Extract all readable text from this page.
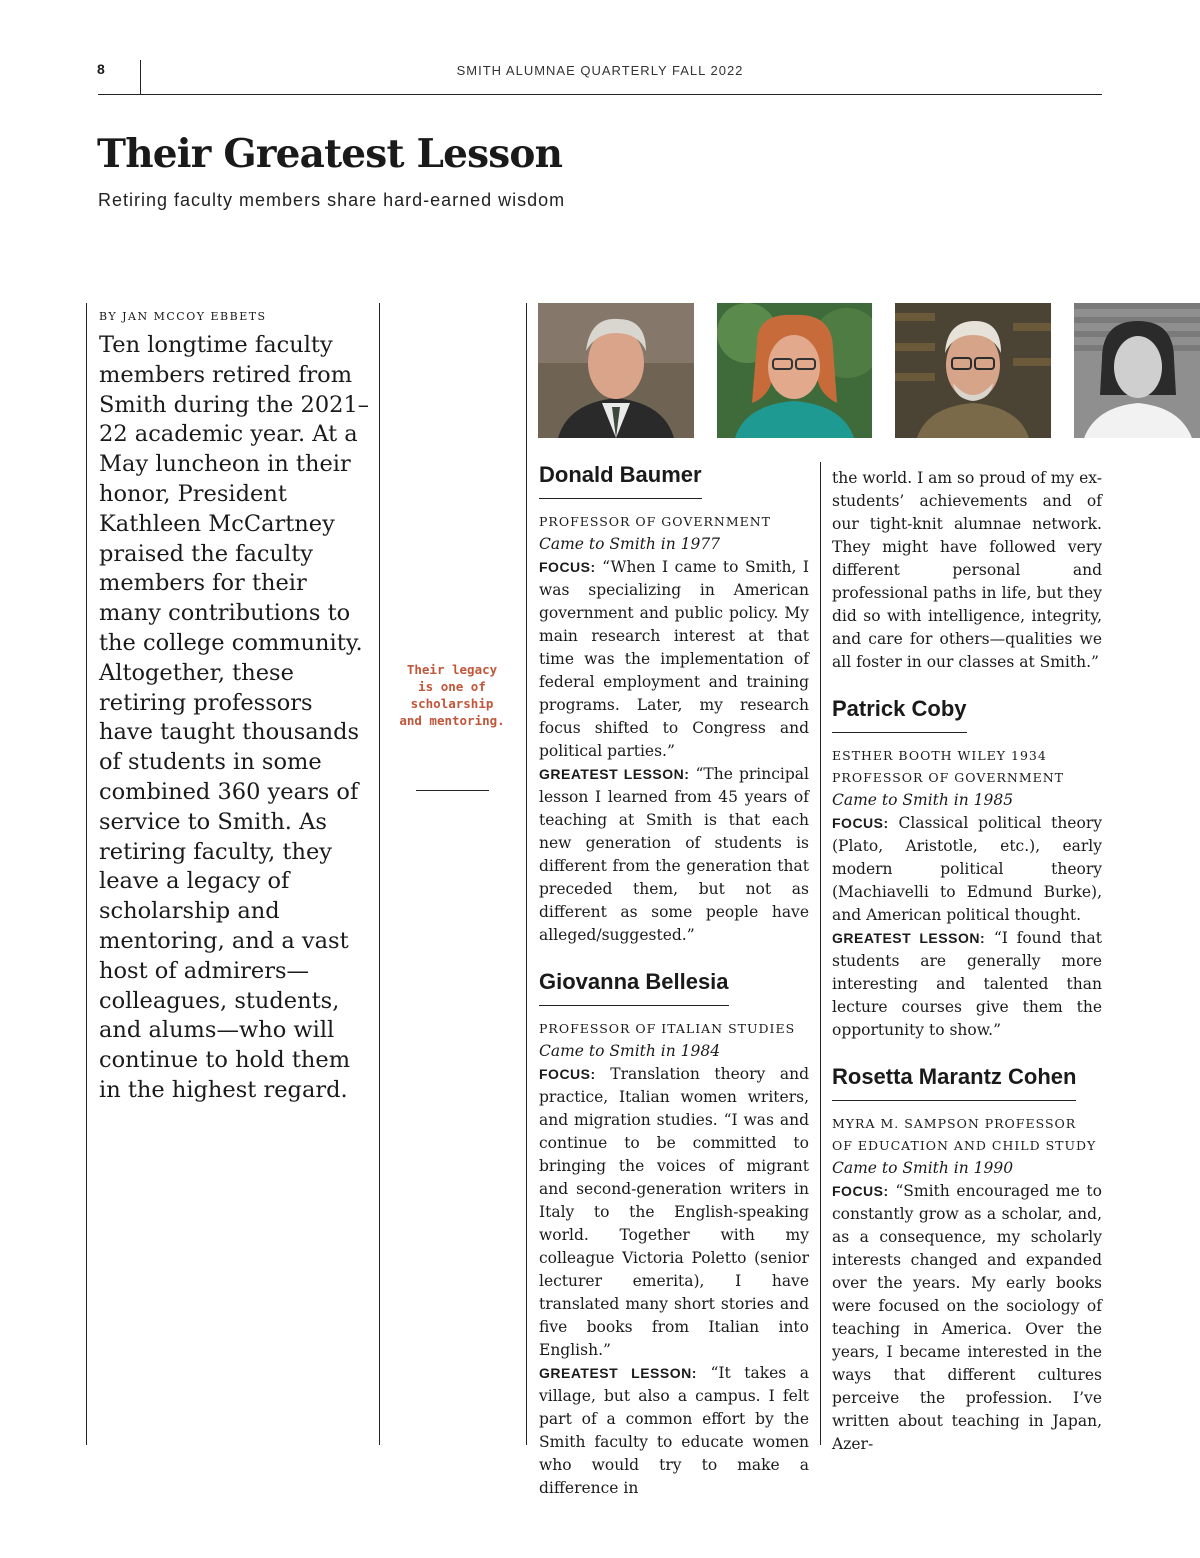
8	SMITH ALUMNAE QUARTERLY FALL 2022
Their Greatest Lesson
Retiring faculty members share hard-earned wisdom
BY JAN MCCOY EBBETS

Ten longtime faculty members retired from Smith during the 2021–22 academic year. At a May luncheon in their honor, President Kathleen McCartney praised the faculty members for their many contributions to the college community. Altogether, these retiring professors have taught thousands of students in some combined 360 years of service to Smith. As retiring faculty, they leave a legacy of scholarship and mentoring, and a vast host of admirers—colleagues, students, and alums—who will continue to hold them in the highest regard.

Their legacy is one of scholarship and mentoring.
Donald Baumer
PROFESSOR OF GOVERNMENT
Came to Smith in 1977

FOCUS: “When I came to Smith, I was specializing in American government and public policy. My main research interest at that time was the implementation of federal employment and training programs. Later, my research focus shifted to Congress and political parties.”

GREATEST LESSON: “The principal lesson I learned from 45 years of teaching at Smith is that each new generation of students is different from the generation that preceded them, but not as different as some people have alleged/suggested.”

Giovanna Bellesia
PROFESSOR OF ITALIAN STUDIES
Came to Smith in 1984

FOCUS: Translation theory and practice, Italian women writers, and migration studies. “I was and continue to be committed to bringing the voices of migrant and second-generation writers in Italy to the English-speaking world. Together with my colleague Victoria Poletto (senior lecturer emerita), I have translated many short stories and five books from Italian into English.”

GREATEST LESSON: “It takes a village, but also a campus. I felt part of a common effort by the Smith faculty to educate women who would try to make a difference in

the world. I am so proud of my ex-students’ achievements and of our tight-knit alumnae network. They might have followed very different personal and professional paths in life, but they did so with intelligence, integrity, and care for others—qualities we all foster in our classes at Smith.”

Patrick Coby
ESTHER BOOTH WILEY 1934 PROFESSOR OF GOVERNMENT
Came to Smith in 1985

FOCUS: Classical political theory (Plato, Aristotle, etc.), early modern political theory (Machiavelli to Edmund Burke), and American political thought.

GREATEST LESSON: “I found that students are generally more interesting and talented than lecture courses give them the opportunity to show.”

Rosetta Marantz Cohen
MYRA M. SAMPSON PROFESSOR OF EDUCATION AND CHILD STUDY
Came to Smith in 1990

FOCUS: “Smith encouraged me to constantly grow as a scholar, and, as a consequence, my scholarly interests changed and expanded over the years. My early books were focused on the sociology of teaching in America. Over the years, I became interested in the ways that different cultures perceive the profession. I’ve written about teaching in Japan, Azer-
